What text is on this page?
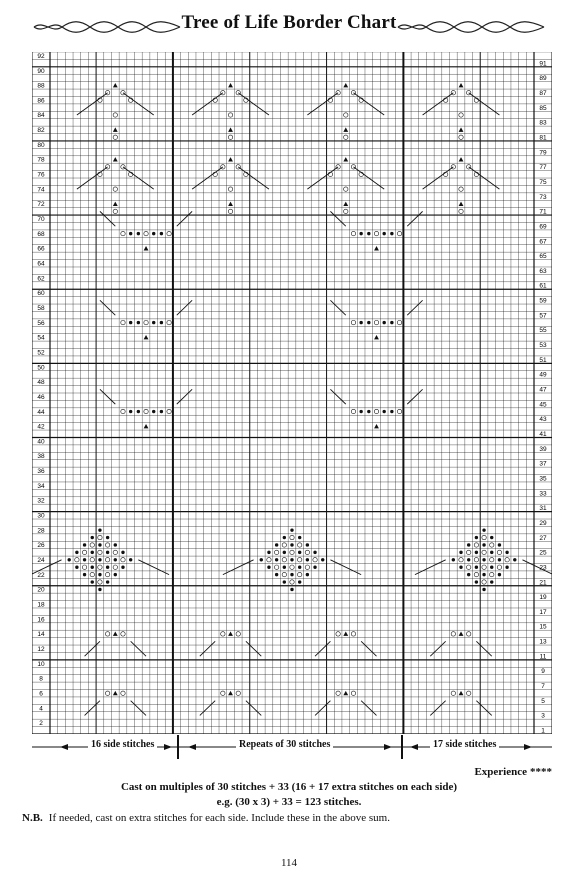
Tree of Life Border Chart
92
90
88
86
84
82
80
78
76
74
72
70
68
66
64
62
60
58
56
54
52
50
48
46
44
42
40
38
36
34
32
30
28
26
24
22
20
18
16
14
12
10
8
6
4
2
91
89
87
85
83
81
79
77
75
73
71
69
67
65
63
61
59
57
55
53
51
49
47
45
43
41
39
37
35
33
31
29
27
25
23
21
19
17
15
13
11
9
7
5
3
1
16 side stitches	Repeats of 30 stitches	17 side stitches
Experience ****
Cast on multiples of 30 stitches + 33 (16 + 17 extra stitches on each side)
e.g. (30 x 3) + 33 = 123 stitches.
N.B. If needed, cast on extra stitches for each side. Include these in the above sum.
114
